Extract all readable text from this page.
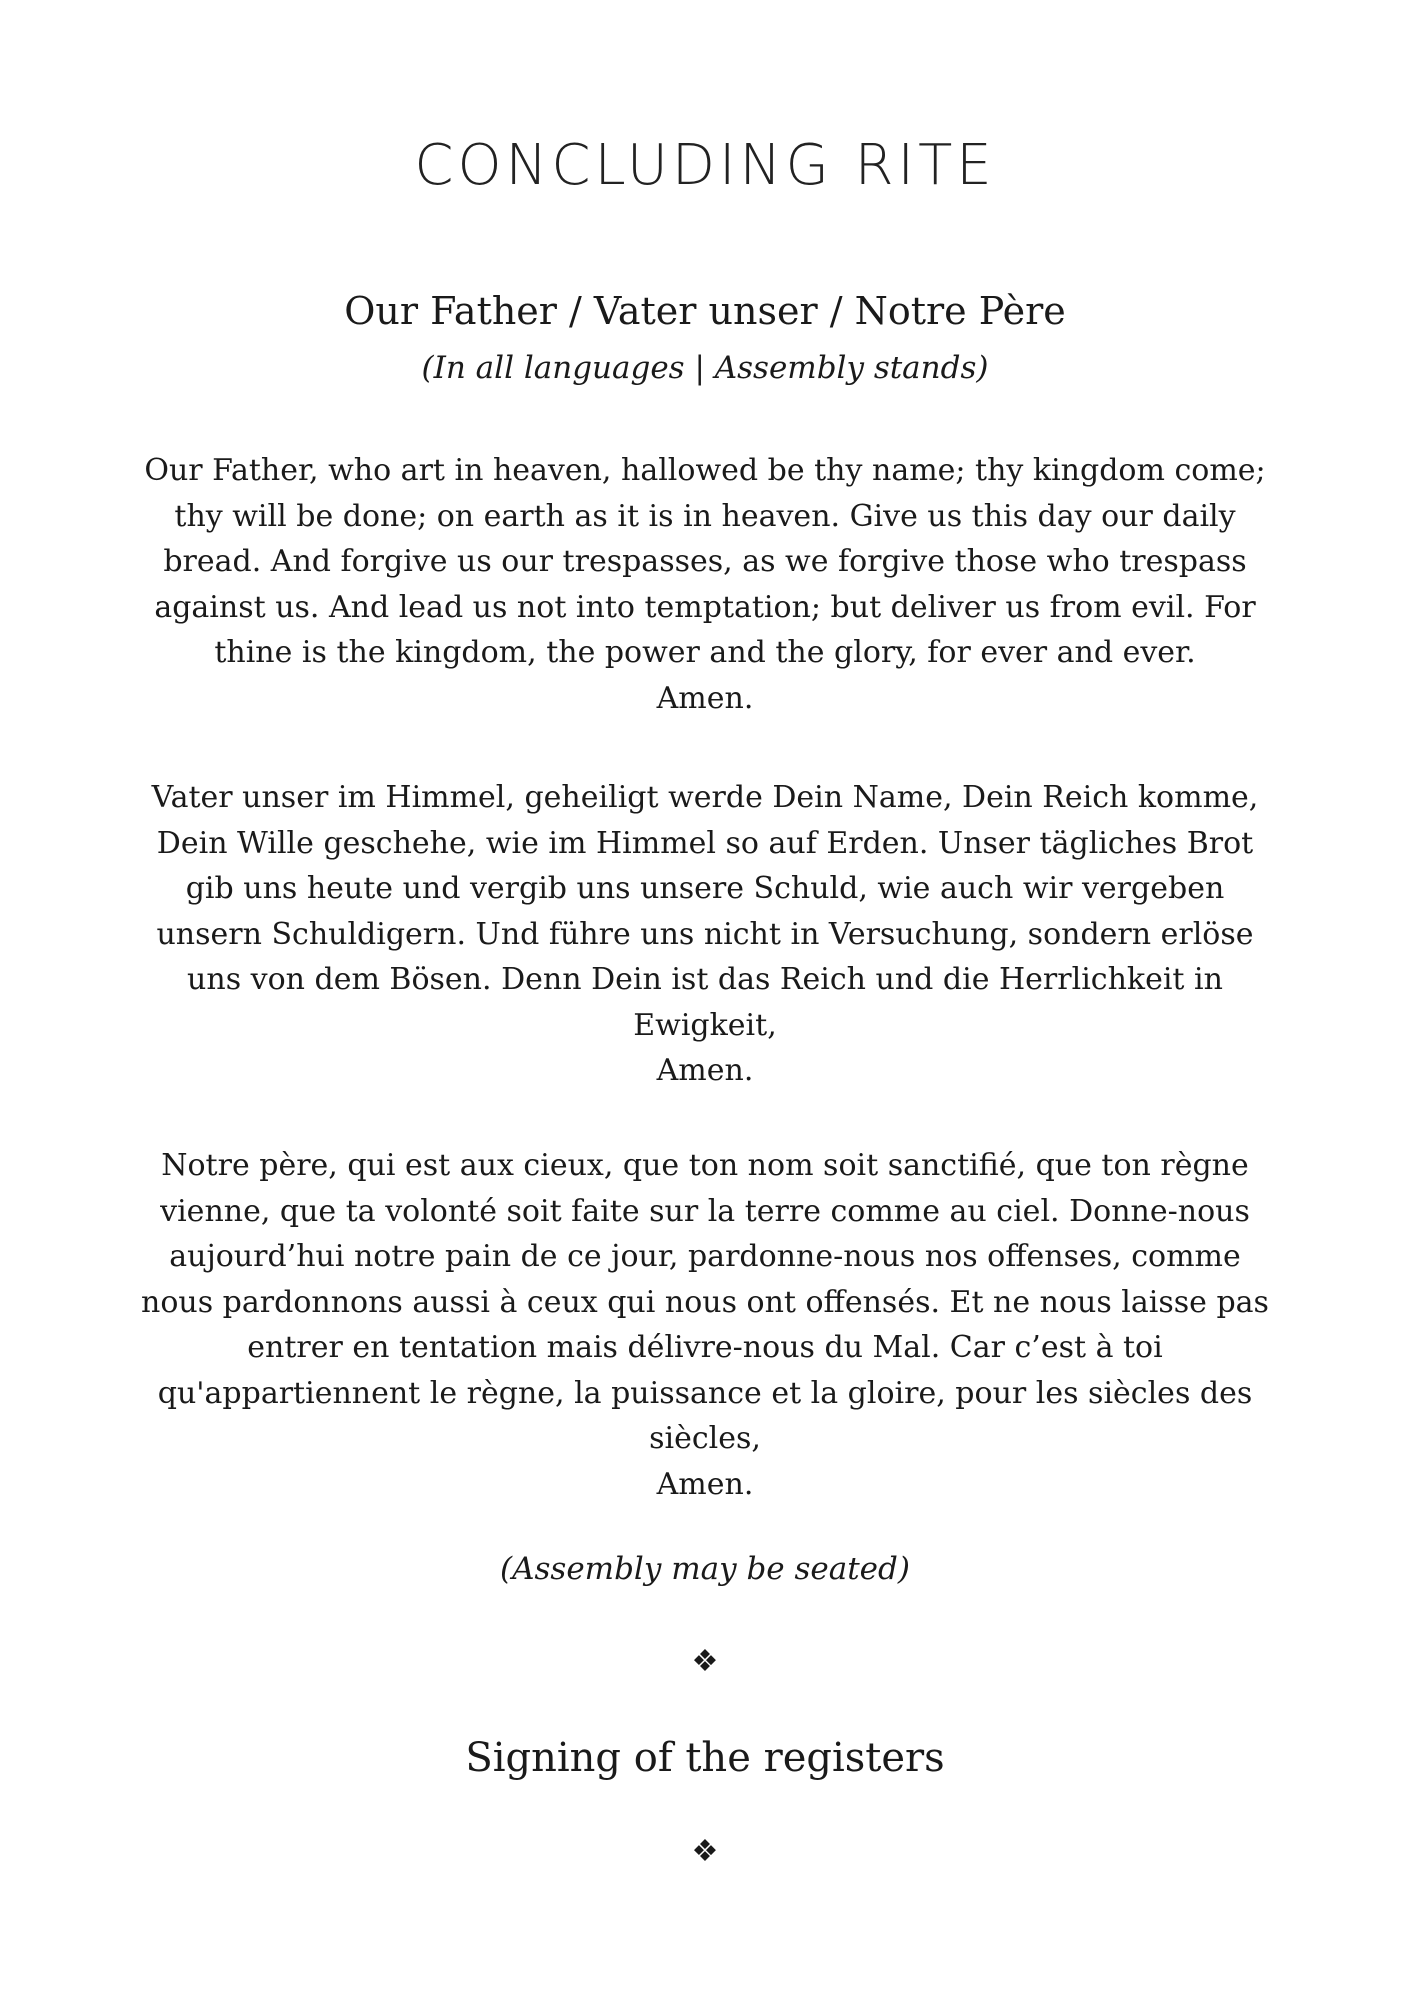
CONCLUDING RITE
Our Father / Vater unser / Notre Père

(In all languages | Assembly stands)

Our Father, who art in heaven, hallowed be thy name; thy kingdom come; thy will be done; on earth as it is in heaven. Give us this day our daily bread. And forgive us our trespasses, as we forgive those who trespass against us. And lead us not into temptation; but deliver us from evil. For thine is the kingdom, the power and the glory, for ever and ever.
Amen.
Vater unser im Himmel, geheiligt werde Dein Name, Dein Reich komme, Dein Wille geschehe, wie im Himmel so auf Erden. Unser tägliches Brot gib uns heute und vergib uns unsere Schuld, wie auch wir vergeben unsern Schuldigern. Und führe uns nicht in Versuchung, sondern erlöse uns von dem Bösen. Denn Dein ist das Reich und die Herrlichkeit in Ewigkeit,
Amen.
Notre père, qui est aux cieux, que ton nom soit sanctifié, que ton règne vienne, que ta volonté soit faite sur la terre comme au ciel. Donne-nous aujourd’hui notre pain de ce jour, pardonne-nous nos offenses, comme nous pardonnons aussi à ceux qui nous ont offensés. Et ne nous laisse pas entrer en tentation mais délivre-nous du Mal. Car c’est à toi qu'appartiennent le règne, la puissance et la gloire, pour les siècles des siècles,
Amen.

(Assembly may be seated)

❖
Signing of the registers
❖
